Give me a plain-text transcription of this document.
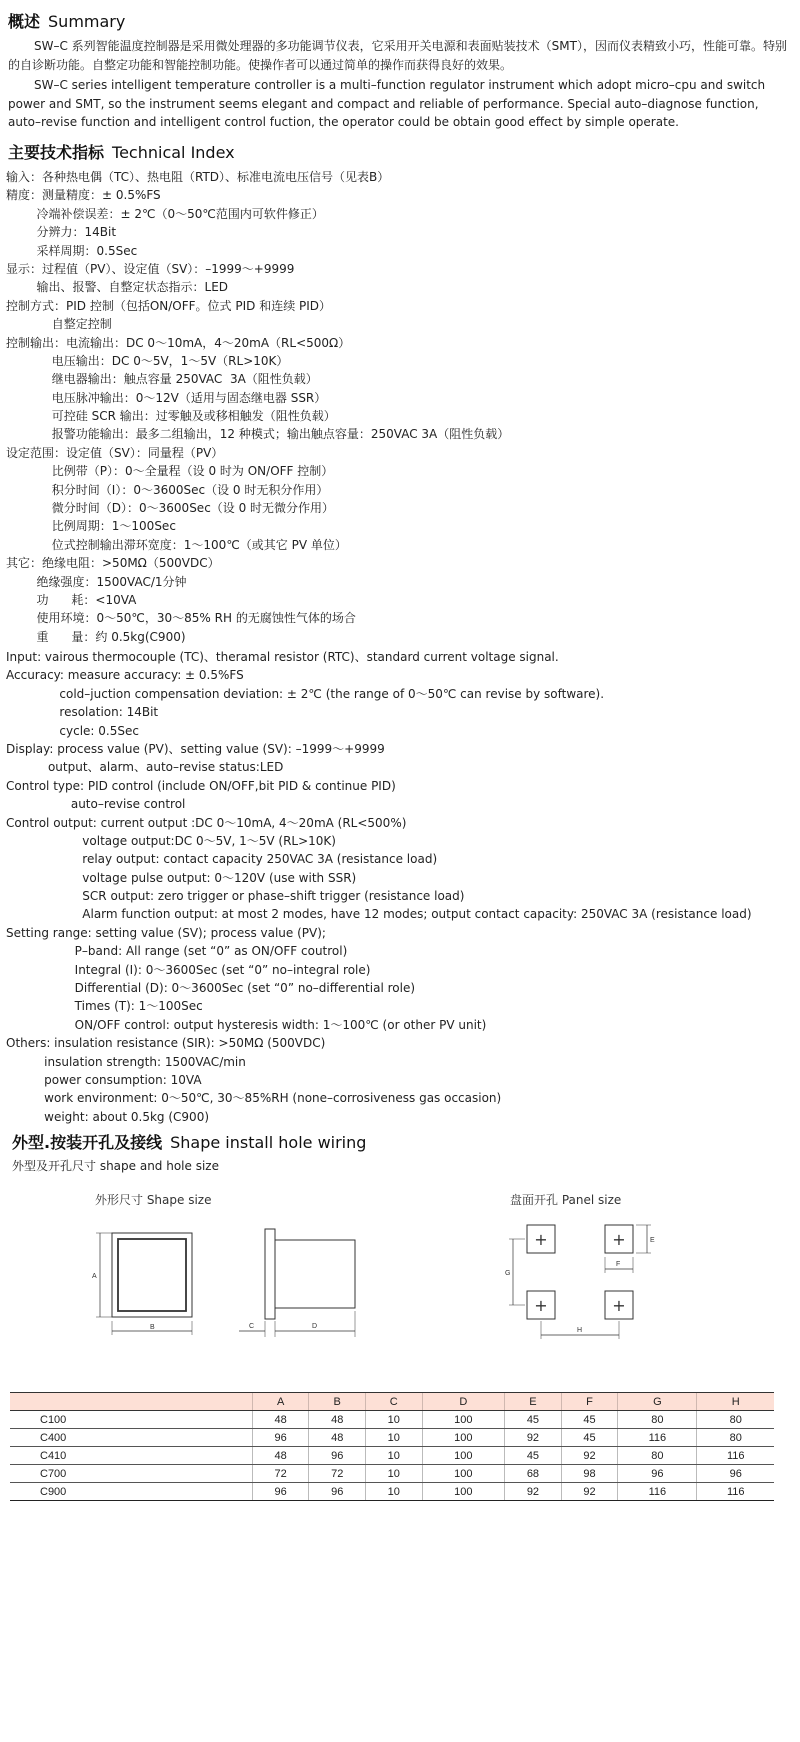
概述 Summary

SW–C 系列智能温度控制器是采用微处理器的多功能调节仪表，它采用开关电源和表面贴装技术（SMT），因而仪表精致小巧，性能可靠。特别的自诊断功能。自整定功能和智能控制功能。使操作者可以通过简单的操作而获得良好的效果。

SW–C series intelligent temperature controller is a multi–function regulator instrument which adopt micro–cpu and switch power and SMT, so the instrument seems elegant and compact and reliable of performance. Special auto–diagnose function, auto–revise function and intelligent control fuction, the operator could be obtain good effect by simple operate.

主要技术指标 Technical Index
输入：各种热电偶（TC）、热电阻（RTD）、标准电流电压信号（见表B）
精度：测量精度：± 0.5%FS
冷端补偿误差：± 2℃（0～50℃范围内可软件修正）
分辨力：14Bit
采样周期：0.5Sec
显示：过程值（PV）、设定值（SV）：–1999～+9999
输出、报警、自整定状态指示：LED
控制方式：PID 控制（包括ON/OFF。位式 PID 和连续 PID）
自整定控制
控制输出：电流输出：DC 0～10mA，4～20mA（RL<500Ω）
电压输出：DC 0～5V，1～5V（RL>10K）
继电器输出：触点容量 250VAC  3A（阻性负载）
电压脉冲输出：0～12V（适用与固态继电器 SSR）
可控硅 SCR 输出：过零触及或移相触发（阻性负载）
报警功能输出：最多二组输出，12 种模式；输出触点容量：250VAC 3A（阻性负载）
设定范围：设定值（SV）：同量程（PV）
比例带（P）：0～全量程（设 0 时为 ON/OFF 控制）
积分时间（I）：0～3600Sec（设 0 时无积分作用）
微分时间（D）：0～3600Sec（设 0 时无微分作用）
比例周期：1～100Sec
位式控制输出滞环宽度：1～100℃（或其它 PV 单位）
其它：绝缘电阻：>50MΩ（500VDC）
绝缘强度：1500VAC/1分钟
功      耗：<10VA
使用环境：0～50℃，30～85% RH 的无腐蚀性气体的场合
重      量：约 0.5kg(C900)
Input: vairous thermocouple (TC)、theramal resistor (RTC)、standard current voltage signal.
Accuracy: measure accuracy: ± 0.5%FS
cold–juction compensation deviation: ± 2℃ (the range of 0～50℃ can revise by software).
resolation: 14Bit
cycle: 0.5Sec
Display: process value (PV)、setting value (SV): –1999～+9999
output、alarm、auto–revise status:LED
Control type: PID control (include ON/OFF,bit PID & continue PID)
auto–revise control
Control output: current output :DC 0～10mA, 4～20mA (RL<500%)
voltage output:DC 0～5V, 1～5V (RL>10K)
relay output: contact capacity 250VAC 3A (resistance load)
voltage pulse output: 0～120V (use with SSR)
SCR output: zero trigger or phase–shift trigger (resistance load)
Alarm function output: at most 2 modes, have 12 modes; output contact capacity: 250VAC 3A (resistance load)
Setting range: setting value (SV); process value (PV);
P–band: All range (set “0” as ON/OFF coutrol)
Integral (I): 0～3600Sec (set “0” no–integral role)
Differential (D): 0～3600Sec (set “0” no–differential role)
Times (T): 1～100Sec
ON/OFF control: output hysteresis width: 1～100℃ (or other PV unit)
Others: insulation resistance (SIR): >50MΩ (500VDC)
insulation strength: 1500VAC/min
power consumption: 10VA
work environment: 0～50℃, 30～85%RH (none–corrosiveness gas occasion)
weight: about 0.5kg (C900)
外型.按装开孔及接线 Shape install hole wiring
外型及开孔尺寸 shape and hole size
外形尺寸 Shape size	盘面开孔 Panel size
A
B	C	D
+	+
+	+
E
F
G
H
	A	B	C	D	E	F	G	H
C100	48	48	10	100	45	45	80	80
C400	96	48	10	100	92	45	116	80
C410	48	96	10	100	45	92	80	116
C700	72	72	10	100	68	98	96	96
C900	96	96	10	100	92	92	116	116
